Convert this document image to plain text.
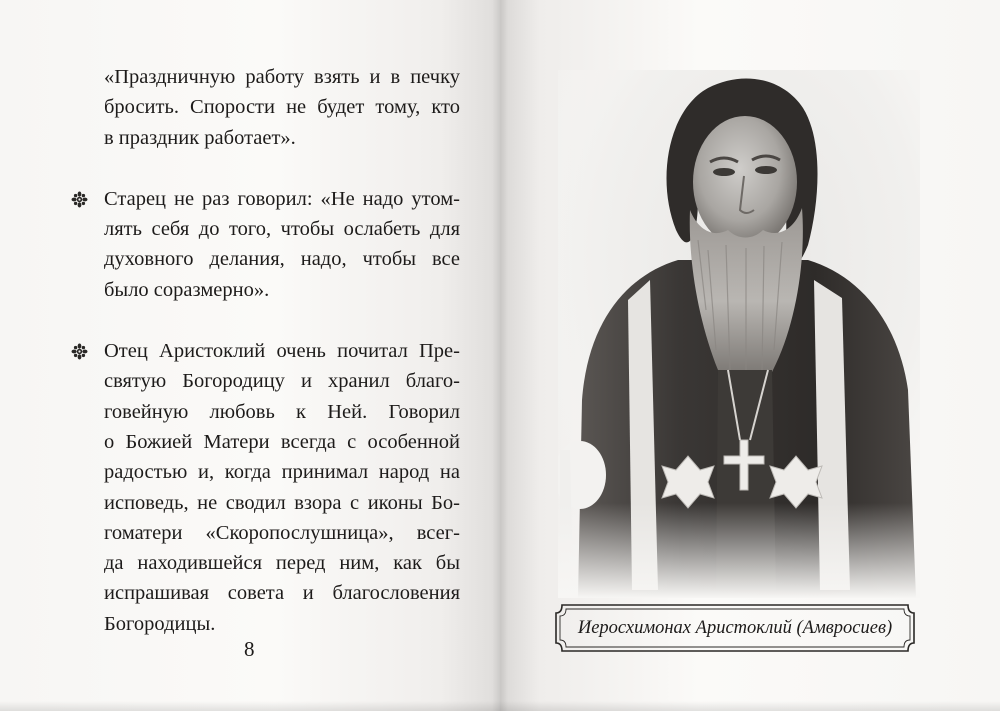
«Праздничную работу взять и в печку
бросить. Спорости не будет тому, кто
в праздник работает».
Старец не раз говорил: «Не надо утом-
лять себя до того, чтобы ослабеть для
духовного делания, надо, чтобы все
было соразмерно».
Отец Аристоклий очень почитал Пре-
святую Богородицу и хранил благо-
говейную любовь к Ней. Говорил
о Божией Матери всегда с особенной
радостью и, когда принимал народ на
исповедь, не сводил взора с иконы Бо-
гоматери «Скоропослушница», всег-
да находившейся перед ним, как бы
испрашивая совета и благословения
Богородицы.
8
Иеросхимонах Аристоклий (Амвросиев)
